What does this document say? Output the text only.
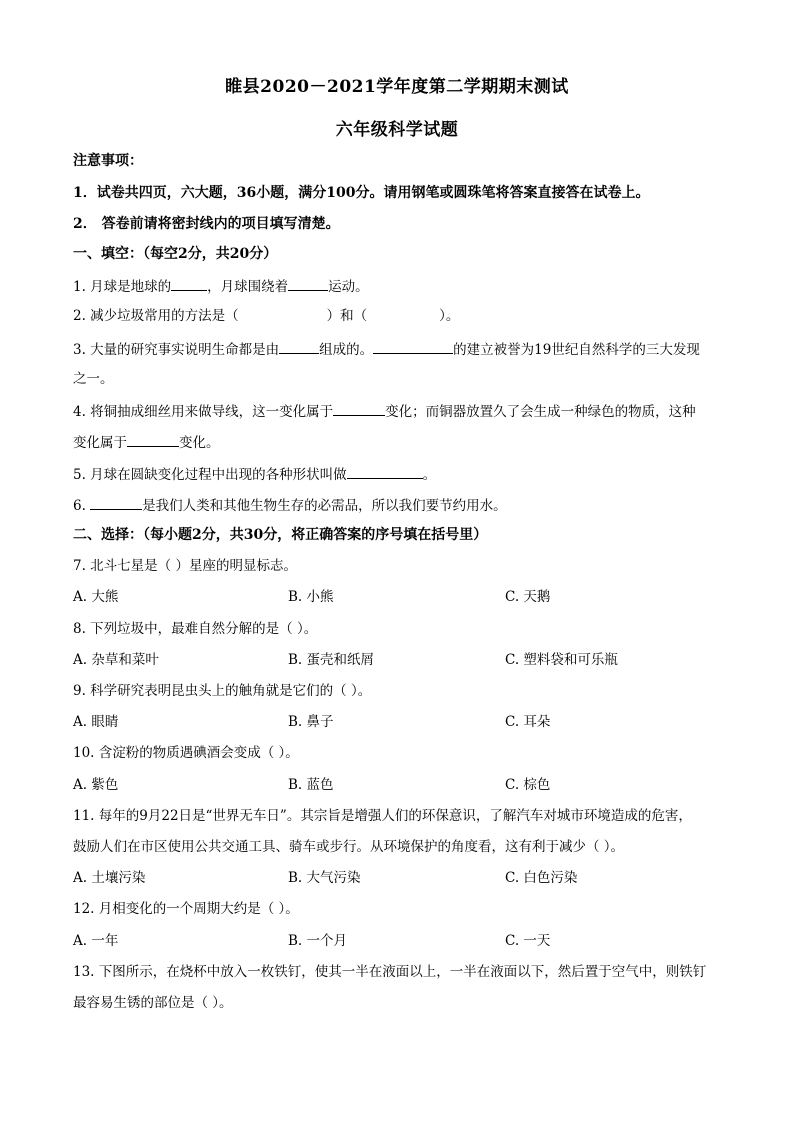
睢县2020－2021学年度第二学期期末测试
六年级科学试题
注意事项：
1．试卷共四页，六大题，36小题，满分100分。请用钢笔或圆珠笔将答案直接答在试卷上。
2． 答卷前请将密封线内的项目填写清楚。
一、填空：（每空2分，共20分）
1. 月球是地球的	，月球围绕着	运动。
2. 减少垃圾常用的方法是（	）和（	）。
3. 大量的研究事实说明生命都是由	组成的。	的建立被誉为19世纪自然科学的三大发现
之一。
4. 将铜抽成细丝用来做导线，这一变化属于	变化；而铜器放置久了会生成一种绿色的物质，这种
变化属于	变化。
5. 月球在圆缺变化过程中出现的各种形状叫做	。
6.	是我们人类和其他生物生存的必需品，所以我们要节约用水。
二、选择：（每小题2分，共30分，将正确答案的序号填在括号里）
7. 北斗七星是（ ）星座的明显标志。
A. 大熊	B. 小熊	C. 天鹅
8. 下列垃圾中，最难自然分解的是（ ）。
A. 杂草和菜叶	B. 蛋壳和纸屑	C. 塑料袋和可乐瓶
9. 科学研究表明昆虫头上的触角就是它们的（ ）。
A. 眼睛	B. 鼻子	C. 耳朵
10. 含淀粉的物质遇碘酒会变成（ ）。
A. 紫色	B. 蓝色	C. 棕色
11. 每年的9月22日是“世界无车日”。其宗旨是增强人们的环保意识，了解汽车对城市环境造成的危害，
鼓励人们在市区使用公共交通工具、骑车或步行。从环境保护的角度看，这有利于减少（ ）。
A. 土壤污染	B. 大气污染	C. 白色污染
12. 月相变化的一个周期大约是（ ）。
A. 一年	B. 一个月	C. 一天
13. 下图所示，在烧杯中放入一枚铁钉，使其一半在液面以上，一半在液面以下，然后置于空气中，则铁钉
最容易生锈的部位是（ ）。
